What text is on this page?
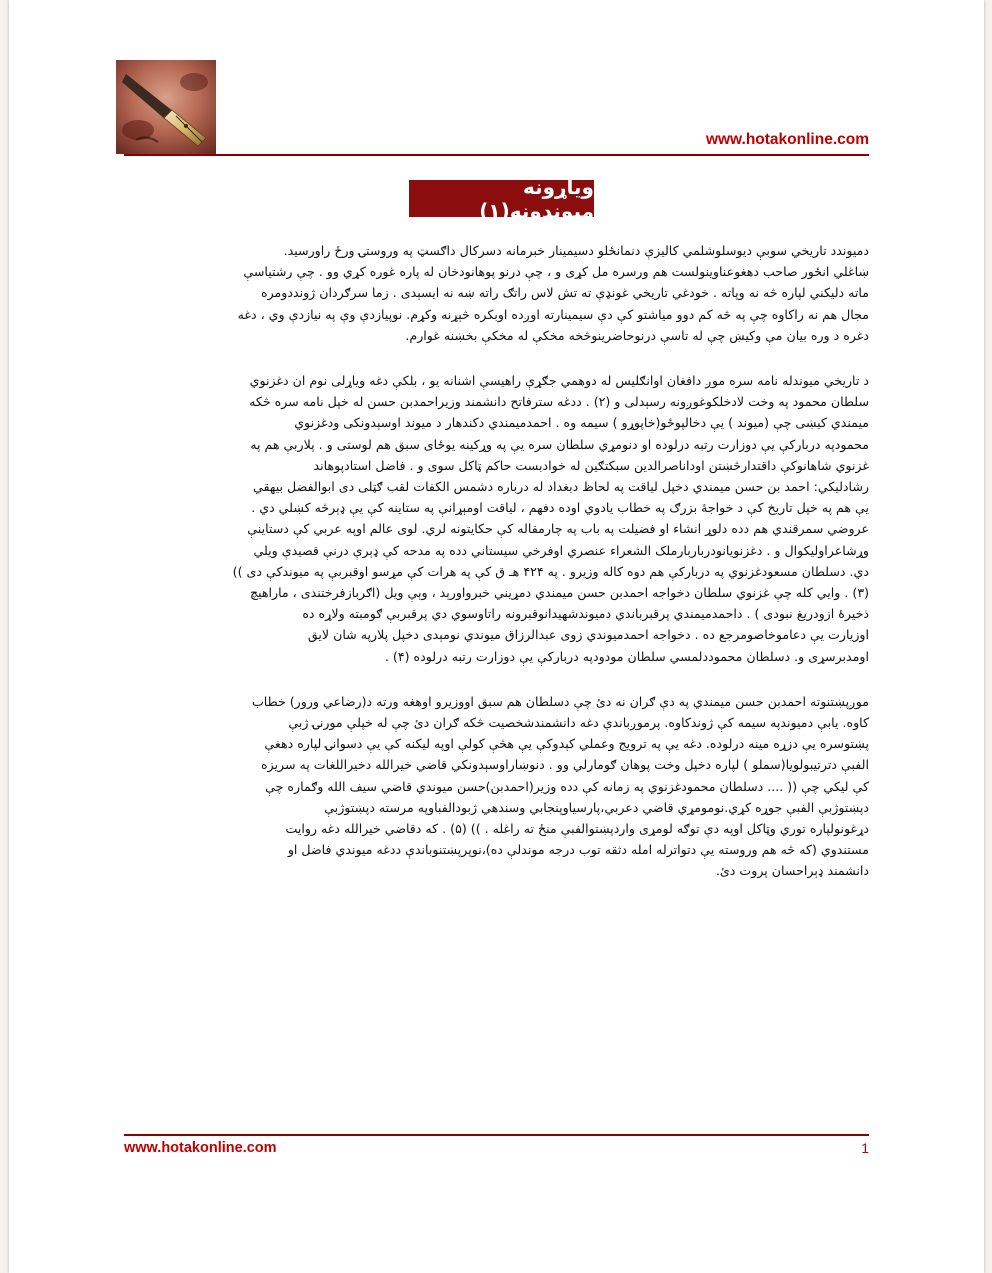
www.hotakonline.com
ویاړونه میوندونه(۱)

دمیوندد تاریخي سوبې دیوسلوشلمي کالیزې دنمانځلو دسیمینار خبرمانه دسرکال داګسټ په وروستۍ ورځ راورسید.
ښاغلي انځور صاحب دهغوعناوینولست هم ورسره مل کړی و ، چې درنو پوهانودخان له پاره غوره کړي وو . چې رشتیاسې
ماته دلیکني لپاره څه نه وپاته . خودغي تاریخي غونډې ته تش لاس راتګ راته ښه نه ایسېدی . زما سرګردان ژونددومره
مجال هم نه راکاوه چې په څه کم دوو میاشتو کې دې سیمینارته اوږده اوبکره څېړنه وکړم. نوپیازدې وې په نیازدې وي ، دغه
دغره د وره بیان مې وکیښ چې له تاسې درنوحاضرینوڅخه مخکې له مخکې بخښنه غوارم.

د تاریخي میوندله نامه سره موږ دافغان اوانګلیس له دوهمي جګړې راهیسې اشنانه یو ، بلکې دغه ویاړلی نوم ان دغزنوي
سلطان محمود په وخت لادخلکوغوږونه رسېدلی و (۲) . ددغه سترفاتح دانشمند وزیراحمدبن حسن له خپل نامه سره څکه
میمندي کیښی چې (میوند ) یې دخالپوځو(خاپوړو ) سیمه وه . احمدمیمندي دکندهار د میوند اوسېدونکی ودغزنوي
محمودپه دربارکې یې دوزارت رتبه درلوده او دنومړي سلطان سره یې په وړکینه یوځای سبق هم لوستی و . پلاربې هم په
غزنوي شاهانوکې داقتدارڅښتن اوداناصرالدین سبکتګین له خوادبست حاکم ټاکل سوی و . فاضل استادپوهاند
رشادلیکي: احمد بن حسن میمندي دخپل لیاقت په لحاظ دبغداد له درباره دشمس الکفات لقب ګټلی دی ابوالفضل بیهقي
یې هم په خپل تاریخ کې د خواجهٔ بزرګ په خطاب یادوي اوده دفهم ، لیاقت اومېړانې په ستاینه کې یې ډېرڅه کښلي دي .
عروضي سمرقندي هم دده دلوړ انشاء او فضیلت په باب په چارمقاله کې حکایتونه لري. لوی عالم اوپه عربي کې دستاینې
وړشاعراولیکوال و . دغزنویانودرباربارملک الشعراء عنصري اوفرخي سیستاني دده په مدحه کې ډېرې درنې قصیدې ویلي
دي. دسلطان مسعودغزنوي په دربارکې هم دوه کاله وزیرو . په ۴۲۴ هـ ق کې په هرات کې مړسو اوقبربې په میوندکې دی ))
(۳) . وایي کله چې غزنوي سلطان دخواجه احمدبن حسن میمندي دمړیني خبرواورېد ، وېې ویل (اګربازفرختندی ، ماراهیچ
ذخیرهٔ ازودریغ نبودی ) . داحمدمیمندي پرقبرباندي دمیوندشهیدانوقبرونه راتاوسوي دي پرقبربې ګومبته ولاړه ده
اوزیارت یې دعاموخاصومرجع ده . دخواجه احمدمیوندي زوی عبدالرزاق میوندي نومېدی دخپل پلارپه شان لایق
اومدبرسړی و. دسلطان محموددلمسي سلطان مودودپه دربارکې یې دوزارت رتبه درلوده (۴) .

موږپښتنوته احمدبن حسن میمندي په دې ګران نه دئ چې دسلطان هم سبق اووزیرو اوهغه ورته د(رضاعي ورور) خطاب
کاوه. یابې دمیوندپه سیمه کې ژوندکاوه. پرموږباندې دغه دانشمندشخصیت څکه ګران دئ چې له خپلې مورنۍ ژبې
پښتوسره یې دزړه مینه درلوده. دغه یې په ترویج وعملي کېدوکې یې هڅې کولې اوپه لیکنه کې یې دسوانۍ لپاره دهغې
الفبې دترتیبولویا(سملو ) لپاره دخپل وخت پوهان ګومارلي وو . دنوښاراوسېدونکي قاضي خیرالله دخیراللغات په سریزه
کې لیکي چې (( .... دسلطان محمودغزنوي په زمانه کې دده وزیر(احمدبن)حسن میوندي قاضي سیف الله وګماره چې
دپښتوژبې الفبې جوړه کړي.نومومړي قاضي دعربي،پارسیاوپنجابي وسندهي ژبودالفباوپه مرسته دپښتوژبې
دړغونولپاره توري وټاکل اوپه دې توګه لومړی واردپښتوالفبې منځ ته راغله . )) (۵) . که دقاضي خیرالله دغه روایت
مستندوي (که څه هم وروسته یې دتواترله امله دثقه توب درجه موندلې ده)،نوپرپښتنوباندې ددغه میوندي فاضل او
دانشمند ډېراحسان پروت دئ.

www.hotakonline.com	1
